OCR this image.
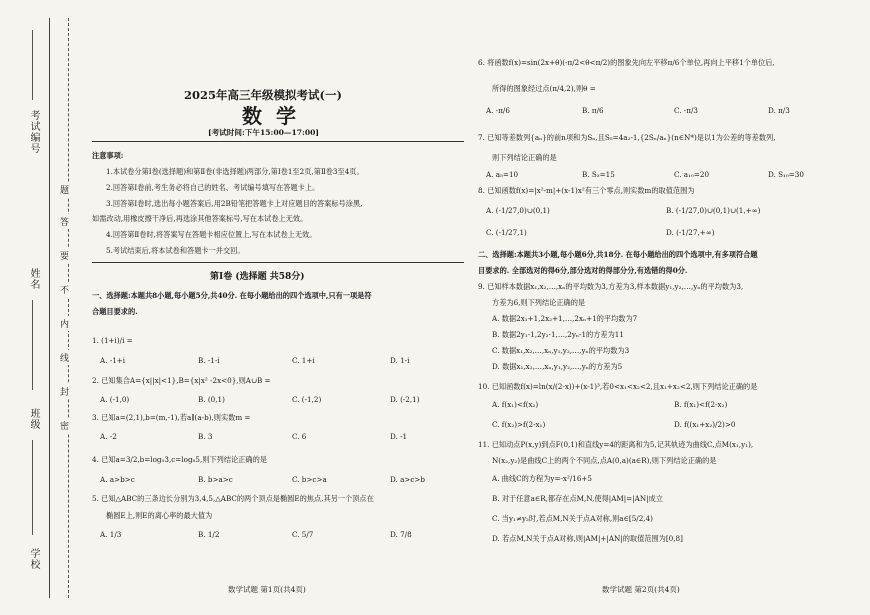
考试编号
姓名
班级
学校
题
答
要
不
内
线
封
密
2025年高三年级模拟考试(一)
数学
[考试时间:下午15:00—17:00]
注意事项:
1.本试卷分第Ⅰ卷(选择题)和第Ⅱ卷(非选择题)两部分,第Ⅰ卷1至2页,第Ⅱ卷3至4页。
2.回答第Ⅰ卷前,考生务必将自己的姓名、考试编号填写在答题卡上。
3.回答第Ⅰ卷时,选出每小题答案后,用2B铅笔把答题卡上对应题目的答案标号涂黑,
如需改动,用橡皮擦干净后,再选涂其他答案标号,写在本试卷上无效。
4.回答第Ⅱ卷时,将答案写在答题卡相应位置上,写在本试卷上无效。
5.考试结束后,将本试卷和答题卡一并交回。
第Ⅰ卷 (选择题 共58分)
一、选择题:本题共8小题,每小题5分,共40分. 在每小题给出的四个选项中,只有一项是符
合题目要求的.
1. (1+i)/i =
A. -1+i	B. -1-i	C. 1+i	D. 1-i
2. 已知集合A={x||x|<1},B={x|x² -2x<0},则A∪B =
A. (-1,0)	B. (0,1)	C. (-1,2)	D. (-2,1)
3. 已知a=(2,1),b=(m,-1),若a∥(a-b),则实数m =
A. -2	B. 3	C. 6	D. -1
4. 已知a=3/2,b=log₅3,c=log₈5,则下列结论正确的是
A. a>b>c	B. b>a>c	C. b>c>a	D. a>c>b
5. 已知△ABC的三条边长分别为3,4,5,△ABC的两个顶点是椭圆E的焦点,其另一个顶点在
椭圆E上,则E的离心率的最大值为
A. 1/3	B. 1/2	C. 5/7	D. 7/8
数学试题 第1页(共4页)
6. 将函数f(x)=sin(2x+θ)(-π/2<θ<π/2)的图象先向左平移π/6个单位,再向上平移1个单位后,
所得的图象经过点(π/4,2),则θ =
A. -π/6	B. π/6	C. -π/3	D. π/3
7. 已知等差数列{aₙ}的前n项和为Sₙ,且S₅=4a₂-1,{2Sₙ/aₙ}(n∈N*)是以1为公差的等差数列,
则下列结论正确的是
A. a₅=10	B. S₃=15	C. a₁₀=20	D. S₁₀=30
8. 已知函数f(x)=|x²-m|+(x-1)x²有三个零点,则实数m的取值范围为
A. (-1/27,0)∪(0,1)	B. (-1/27,0)∪(0,1)∪(1,+∞)
C. (-1/27,1)	D. (-1/27,+∞)
二、选择题:本题共3小题,每小题6分,共18分. 在每小题给出的四个选项中,有多项符合题
目要求的. 全部选对的得6分,部分选对的得部分分,有选错的得0分.
9. 已知样本数据x₁,x₂,…,xₙ的平均数为3,方差为3,样本数据y₁,y₂,…,yₙ的平均数为3,
方差为6,则下列结论正确的是
A. 数据2x₁+1,2x₂+1,…,2xₙ+1的平均数为7
B. 数据2y₁-1,2y₂-1,…,2yₙ-1的方差为11
C. 数据x₁,x₂,…,xₙ,y₁,y₂,…,yₙ的平均数为3
D. 数据x₁,x₂,…,xₙ,y₁,y₂,…,yₙ的方差为5
10. 已知函数f(x)=ln(x/(2-x))+(x-1)³,若0<x₁<x₂<2,且x₁+x₂<2,则下列结论正确的是
A. f(x₁)<f(x₂)	B. f(x₁)<f(2-x₂)
C. f(x₂)>f(2-x₁)	D. f((x₁+x₂)/2)>0
11. 已知动点P(x,y)到点F(0,1)和直线y=4的距离和为5,记其轨迹为曲线C,点M(x₁,y₁),
N(x₂,y₂)是曲线C上的两个不同点,点A(0,a)(a∈R),则下列结论正确的是
A. 曲线C的方程为y=-x²/16+5
B. 对于任意a∈R,都存在点M,N,使得|AM|=|AN|成立
C. 当y₁≠y₂时,若点M,N关于点A对称,则a∈[5/2,4)
D. 若点M,N关于点A对称,则|AM|+|AN|的取值范围为[0,8]
数学试题 第2页(共4页)
